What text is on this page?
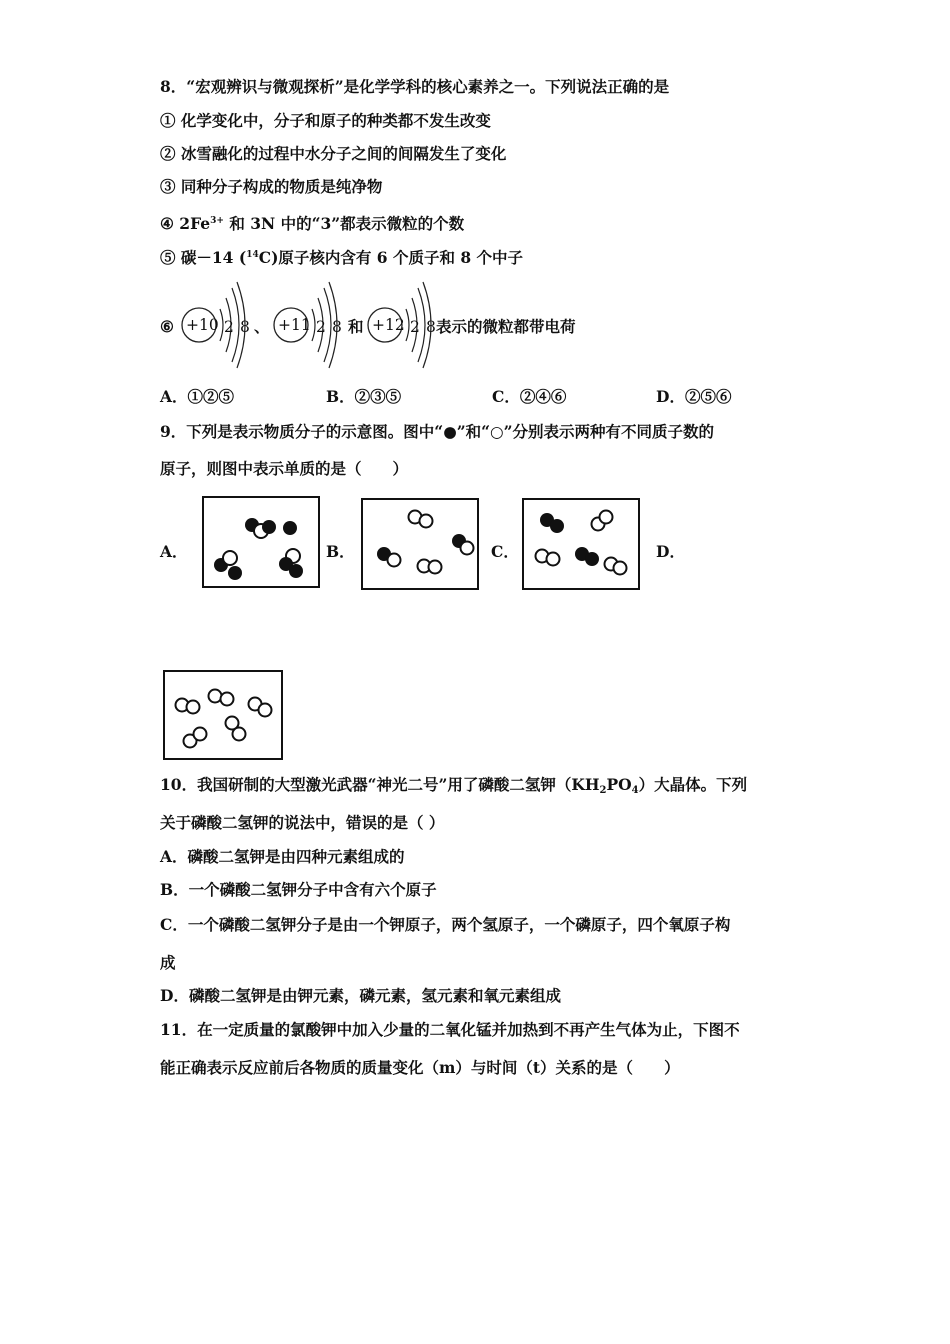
8．“宏观辨识与微观探析”是化学学科的核心素养之一。下列说法正确的是
① 化学变化中，分子和原子的种类都不发生改变
② 冰雪融化的过程中水分子之间的间隔发生了变化
③ 同种分子构成的物质是纯净物
④ $2Fe^{3+}$ 和 3N 中的“3”都表示微粒的个数
⑤ 碳－14 ($^{14}$C)原子核内含有 6 个质子和 8 个中子
⑥ +10 2 8 、 +11 2 8 和 +12 2 8 表示的微粒都带电荷
A．①②⑤	B．②③⑤	C．②④⑥	D．②⑤⑥
9．下列是表示物质分子的示意图。图中“●”和“○”分别表示两种有不同质子数的
原子，则图中表示单质的是（　　）
A．	B．	C．	D．
10．我国研制的大型激光武器“神光二号”用了磷酸二氢钾$(KH_2PO_4)$大晶体。下列
关于磷酸二氢钾的说法中，错误的是（ ）
A．磷酸二氢钾是由四种元素组成的
B．一个磷酸二氢钾分子中含有六个原子
C．一个磷酸二氢钾分子是由一个钾原子，两个氢原子，一个磷原子，四个氧原子构
成
D．磷酸二氢钾是由钾元素，磷元素，氢元素和氧元素组成
11．在一定质量的氯酸钾中加入少量的二氧化锰并加热到不再产生气体为止，下图不
能正确表示反应前后各物质的质量变化（m）与时间（t）关系的是（　　）
